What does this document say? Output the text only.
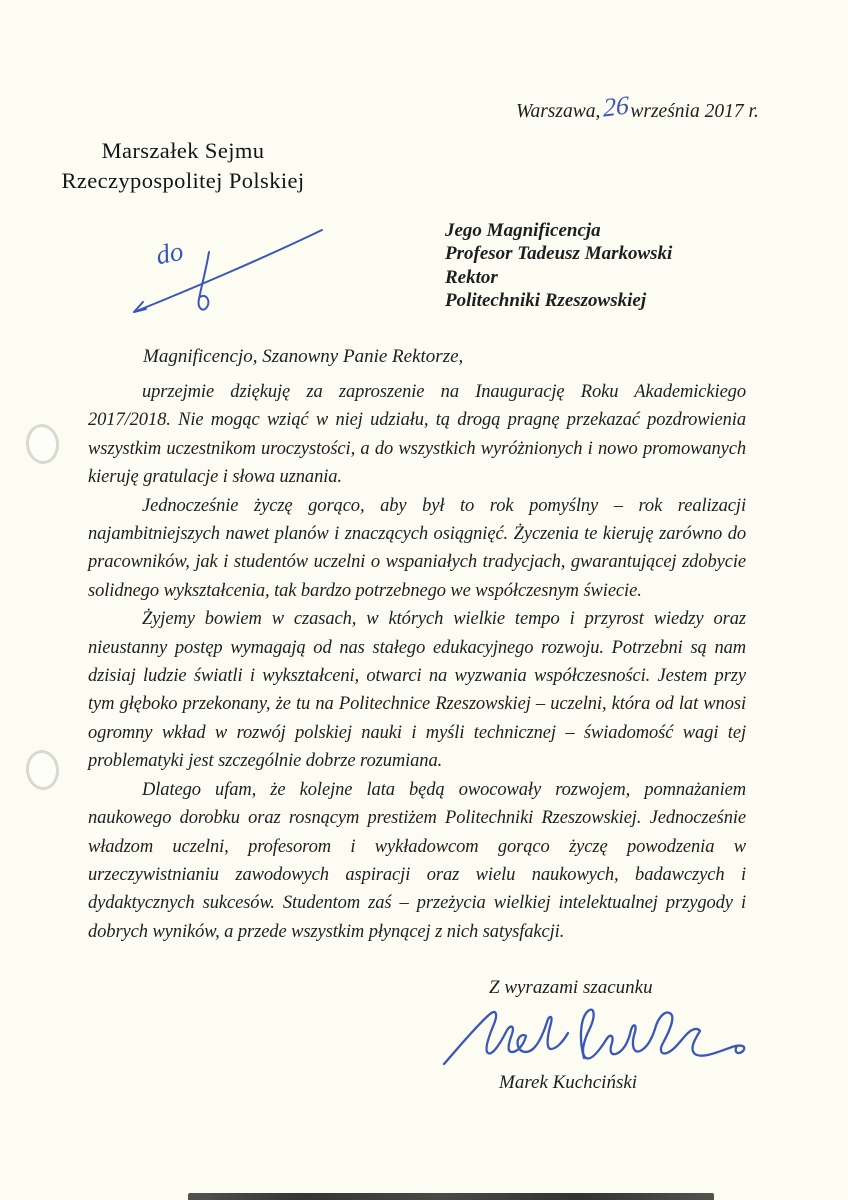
Warszawa, 26 września 2017 r.
Marszałek Sejmu
Rzeczypospolitej Polskiej
do
Jego Magnificencja
Profesor Tadeusz Markowski
Rektor
Politechniki Rzeszowskiej
Magnificencjo, Szanowny Panie Rektorze,

uprzejmie dziękuję za zaproszenie na Inaugurację Roku Akademickiego 2017/2018. Nie mogąc wziąć w niej udziału, tą drogą pragnę przekazać pozdrowienia wszystkim uczestnikom uroczystości, a do wszystkich wyróżnionych i nowo promowanych kieruję gratulacje i słowa uznania.

Jednocześnie życzę gorąco, aby był to rok pomyślny – rok realizacji najambitniejszych nawet planów i znaczących osiągnięć. Życzenia te kieruję zarówno do pracowników, jak i studentów uczelni o wspaniałych tradycjach, gwarantującej zdobycie solidnego wykształcenia, tak bardzo potrzebnego we współczesnym świecie.

Żyjemy bowiem w czasach, w których wielkie tempo i przyrost wiedzy oraz nieustanny postęp wymagają od nas stałego edukacyjnego rozwoju. Potrzebni są nam dzisiaj ludzie światli i wykształceni, otwarci na wyzwania współczesności. Jestem przy tym głęboko przekonany, że tu na Politechnice Rzeszowskiej – uczelni, która od lat wnosi ogromny wkład w rozwój polskiej nauki i myśli technicznej – świadomość wagi tej problematyki jest szczególnie dobrze rozumiana.

Dlatego ufam, że kolejne lata będą owocowały rozwojem, pomnażaniem naukowego dorobku oraz rosnącym prestiżem Politechniki Rzeszowskiej. Jednocześnie władzom uczelni, profesorom i wykładowcom gorąco życzę powodzenia w urzeczywistnianiu zawodowych aspiracji oraz wielu naukowych, badawczych i dydaktycznych sukcesów. Studentom zaś – przeżycia wielkiej intelektualnej przygody i dobrych wyników, a przede wszystkim płynącej z nich satysfakcji.

Z wyrazami szacunku
Marek Kuchciński
